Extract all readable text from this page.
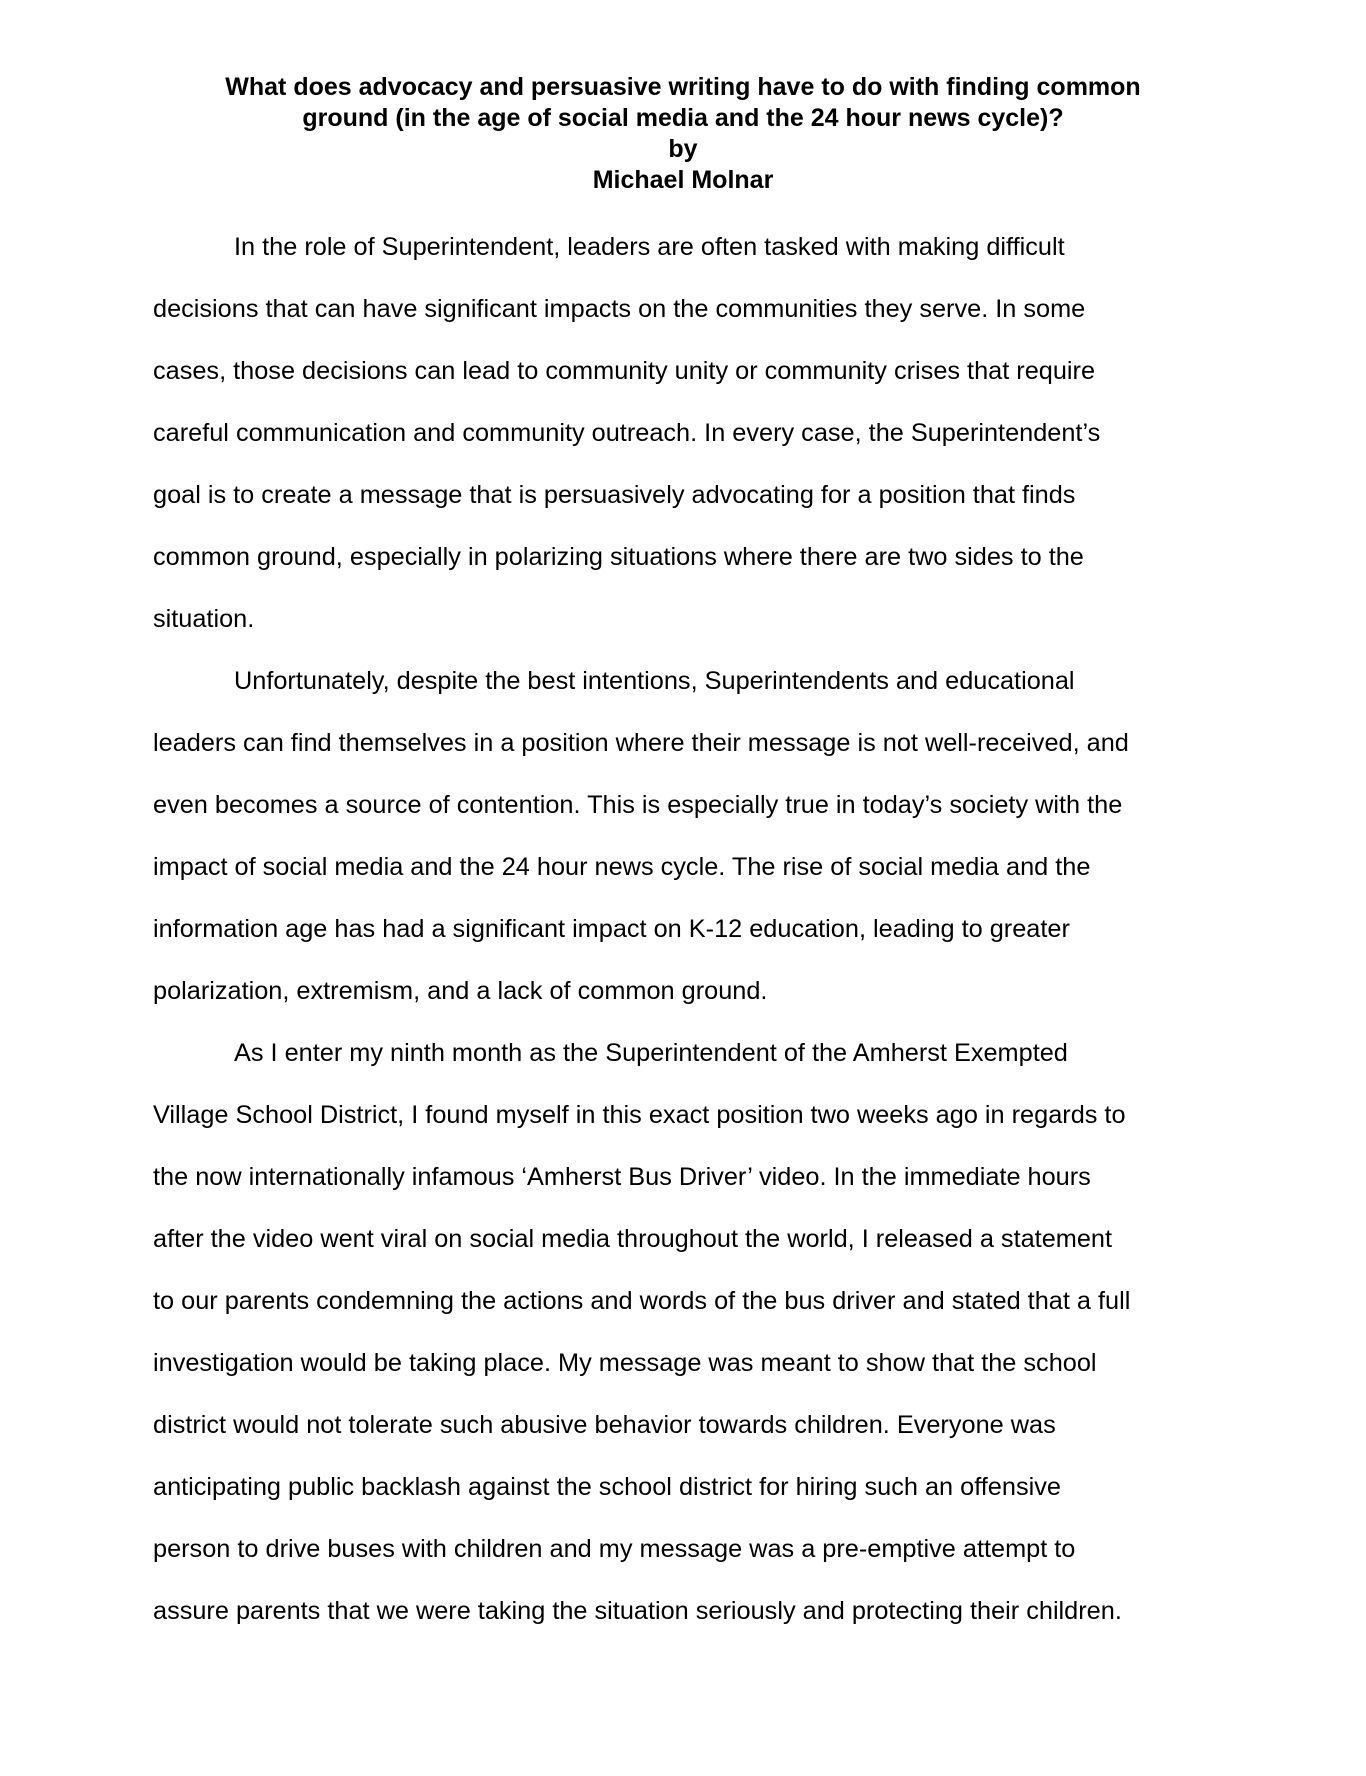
What does advocacy and persuasive writing have to do with finding common
ground (in the age of social media and the 24 hour news cycle)?
by
Michael Molnar
In the role of Superintendent, leaders are often tasked with making difficult
decisions that can have significant impacts on the communities they serve. In some
cases, those decisions can lead to community unity or community crises that require
careful communication and community outreach. In every case, the Superintendent’s
goal is to create a message that is persuasively advocating for a position that finds
common ground, especially in polarizing situations where there are two sides to the
situation.
Unfortunately, despite the best intentions, Superintendents and educational
leaders can find themselves in a position where their message is not well-received, and
even becomes a source of contention. This is especially true in today’s society with the
impact of social media and the 24 hour news cycle. The rise of social media and the
information age has had a significant impact on K-12 education, leading to greater
polarization, extremism, and a lack of common ground.
As I enter my ninth month as the Superintendent of the Amherst Exempted
Village School District, I found myself in this exact position two weeks ago in regards to
the now internationally infamous ‘Amherst Bus Driver’ video. In the immediate hours
after the video went viral on social media throughout the world, I released a statement
to our parents condemning the actions and words of the bus driver and stated that a full
investigation would be taking place. My message was meant to show that the school
district would not tolerate such abusive behavior towards children. Everyone was
anticipating public backlash against the school district for hiring such an offensive
person to drive buses with children and my message was a pre-emptive attempt to
assure parents that we were taking the situation seriously and protecting their children.
